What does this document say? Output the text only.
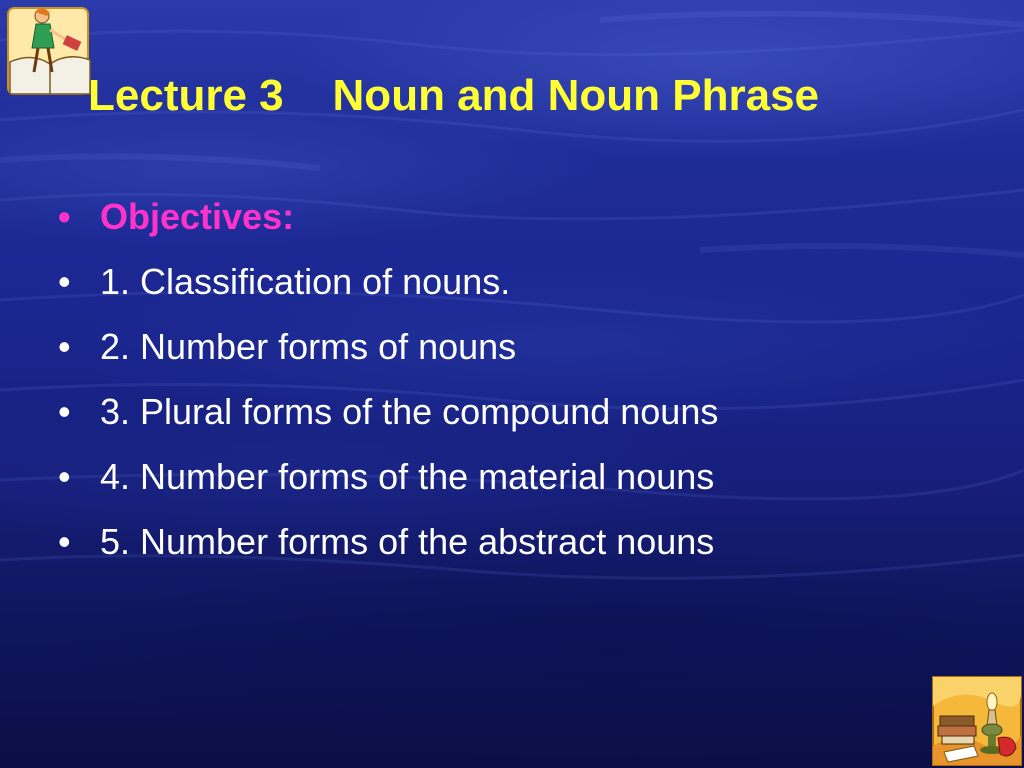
Lecture 3    Noun and Noun Phrase
• Objectives:
• 1. Classification of nouns.
• 2. Number forms of nouns
• 3. Plural forms of the compound nouns
• 4. Number forms of the material nouns
• 5. Number forms of the abstract nouns
